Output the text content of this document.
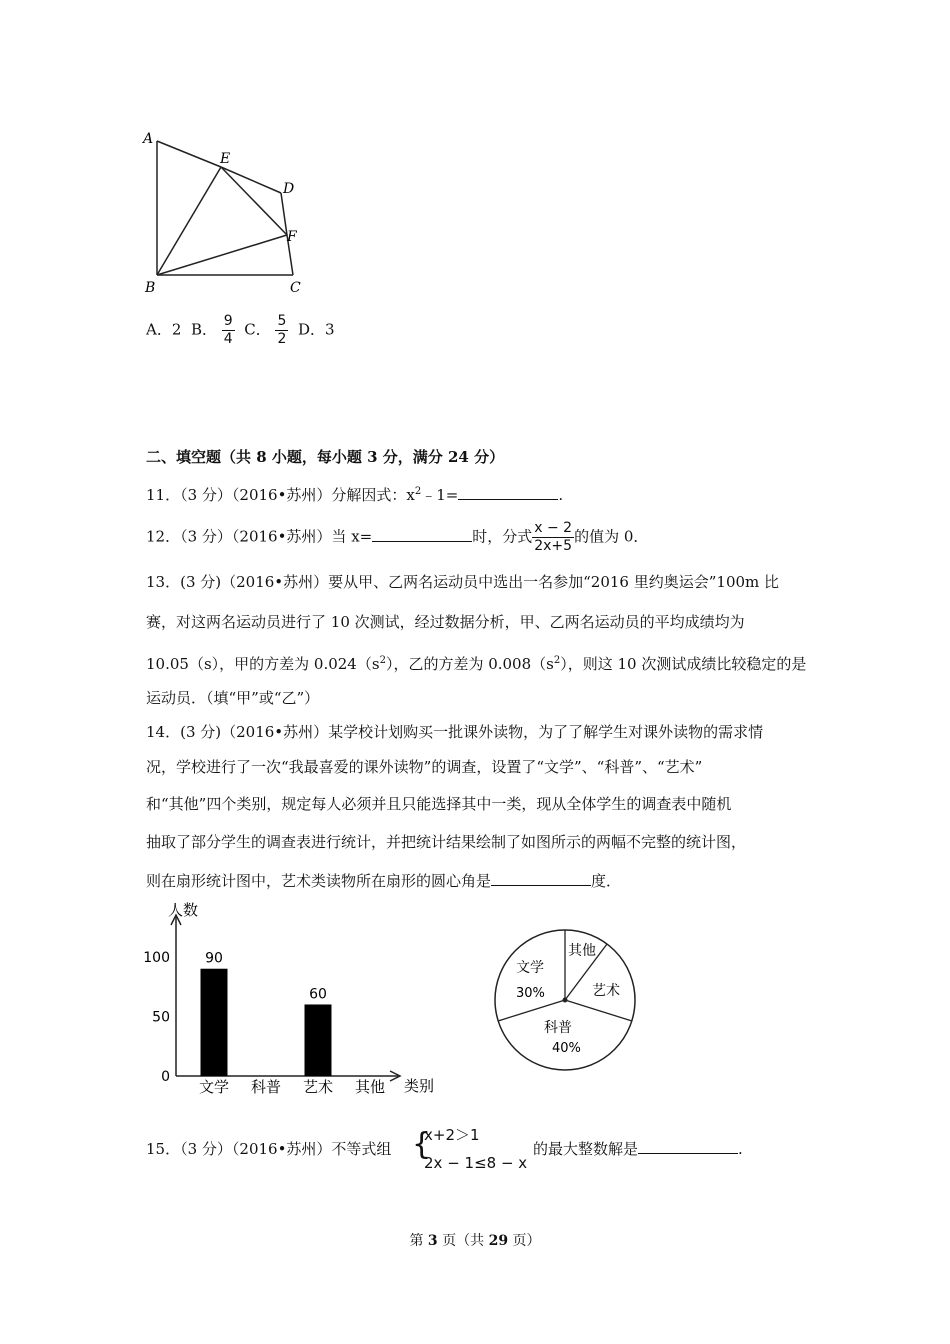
A
E
D
F
B	C
A．2 B． $\frac{9}{4}$ C． $\frac{5}{2}$ D．3
二、填空题（共 8 小题，每小题 3 分，满分 24 分）
11．（3 分）（2016•苏州）分解因式：$x^2﹣1=$	.
12．（3 分）（2016•苏州）当 x=	时，分式 $\frac{x - 2}{2x+5}$ 的值为 0．
13．(3 分)（2016•苏州）要从甲、乙两名运动员中选出一名参加“2016 里约奥运会”100m 比
赛，对这两名运动员进行了 10 次测试，经过数据分析，甲、乙两名运动员的平均成绩均为
10.05（s），甲的方差为 $0.024(s^2)$，乙的方差为 $0.008(s^2)$，则这 10 次测试成绩比较稳定的是
运动员．（填“甲”或“乙”）
14．(3 分)（2016•苏州）某学校计划购买一批课外读物，为了了解学生对课外读物的需求情
况，学校进行了一次“我最喜爱的课外读物”的调查，设置了“文学”、“科普”、“艺术”
和“其他”四个类别，规定每人必须并且只能选择其中一类，现从全体学生的调查表中随机
抽取了部分学生的调查表进行统计，并把统计结果绘制了如图所示的两幅不完整的统计图，
则在扇形统计图中，艺术类读物所在扇形的圆心角是	度．
人数
类别
0
50
100
文学
90
科普 艺术
60
其他
文学
30%
其他
艺术
科普
40%
15．（3 分）（2016•苏州）不等式组 {
x+2＞1
2x − 1≤8 − x
的最大整数解是	.
第 3 页（共 29 页）
